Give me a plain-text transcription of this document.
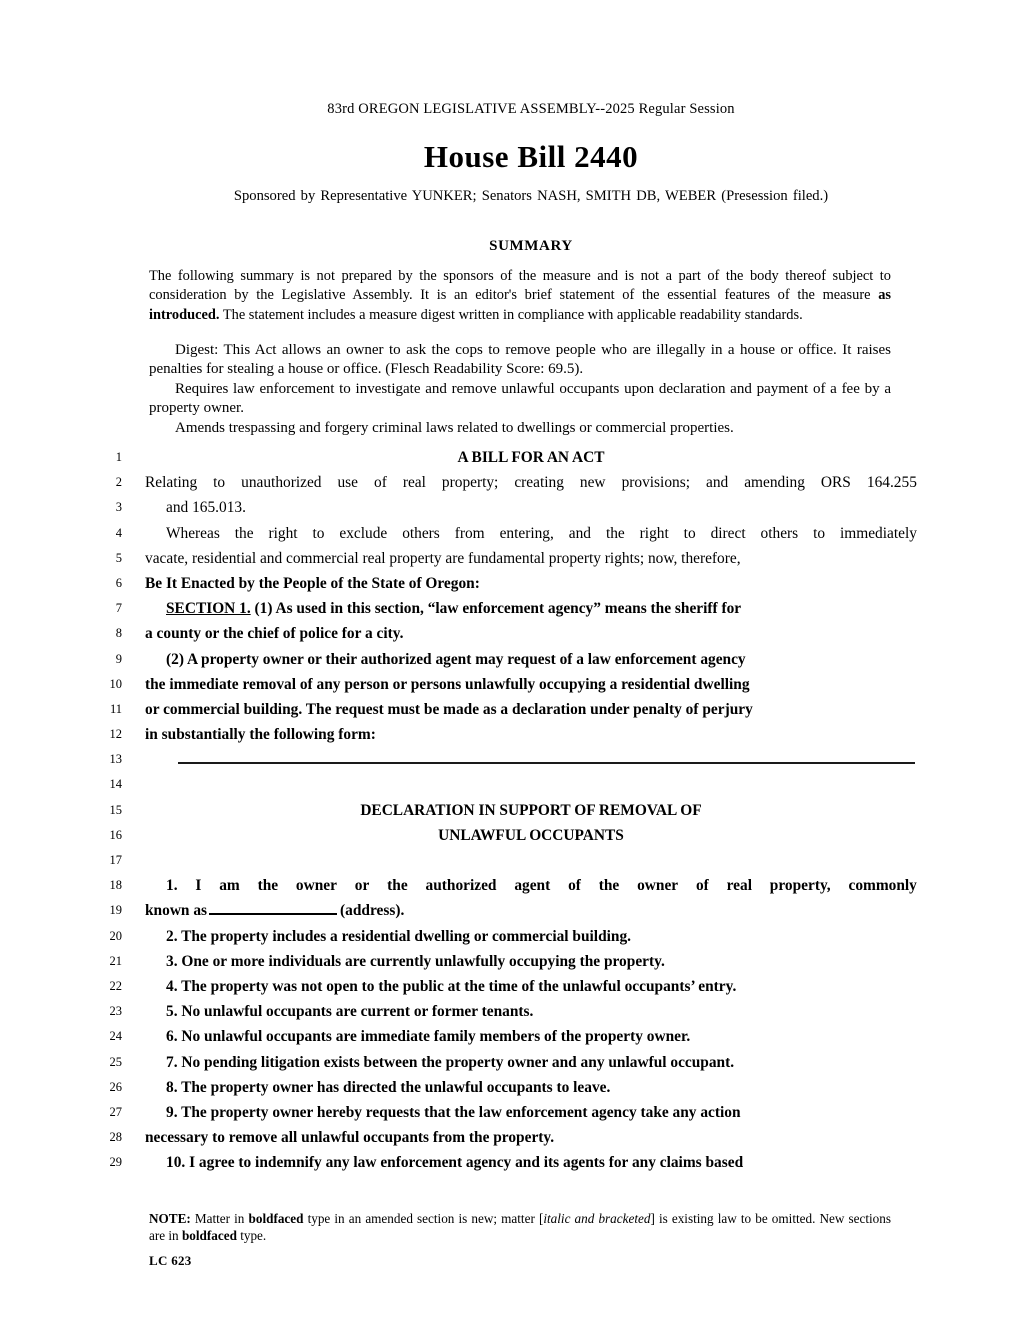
83rd OREGON LEGISLATIVE ASSEMBLY--2025 Regular Session
House Bill 2440
Sponsored by Representative YUNKER; Senators NASH, SMITH DB, WEBER (Presession filed.)
SUMMARY
The following summary is not prepared by the sponsors of the measure and is not a part of the body thereof subject to consideration by the Legislative Assembly. It is an editor's brief statement of the essential features of the measure as introduced. The statement includes a measure digest written in compliance with applicable readability standards.

Digest: This Act allows an owner to ask the cops to remove people who are illegally in a house or office. It raises penalties for stealing a house or office. (Flesch Readability Score: 69.5).

Requires law enforcement to investigate and remove unlawful occupants upon declaration and payment of a fee by a property owner.

Amends trespassing and forgery criminal laws related to dwellings or commercial properties.

1	A BILL FOR AN ACT
2 Relating to unauthorized use of real property; creating new provisions; and amending ORS 164.255
3	and 165.013.
4	Whereas the right to exclude others from entering, and the right to direct others to immediately
5 vacate, residential and commercial real property are fundamental property rights; now, therefore,
6 Be It Enacted by the People of the State of Oregon:
7	SECTION 1. (1) As used in this section, “law enforcement agency” means the sheriff for
8 a county or the chief of police for a city.
9	(2) A property owner or their authorized agent may request of a law enforcement agency
10 the immediate removal of any person or persons unlawfully occupying a residential dwelling
11 or commercial building. The request must be made as a declaration under penalty of perjury
12 in substantially the following form:
13
14
15	DECLARATION IN SUPPORT OF REMOVAL OF
16	UNLAWFUL OCCUPANTS
17
18	1. I am the owner or the authorized agent of the owner of real property, commonly
19 known as	(address).
20	2. The property includes a residential dwelling or commercial building.
21	3. One or more individuals are currently unlawfully occupying the property.
22	4. The property was not open to the public at the time of the unlawful occupants’ entry.
23	5. No unlawful occupants are current or former tenants.
24	6. No unlawful occupants are immediate family members of the property owner.
25	7. No pending litigation exists between the property owner and any unlawful occupant.
26	8. The property owner has directed the unlawful occupants to leave.
27	9. The property owner hereby requests that the law enforcement agency take any action
28 necessary to remove all unlawful occupants from the property.
29	10. I agree to indemnify any law enforcement agency and its agents for any claims based
NOTE: Matter in boldfaced type in an amended section is new; matter [italic and bracketed] is existing law to be omitted. New sections are in boldfaced type.
LC 623
